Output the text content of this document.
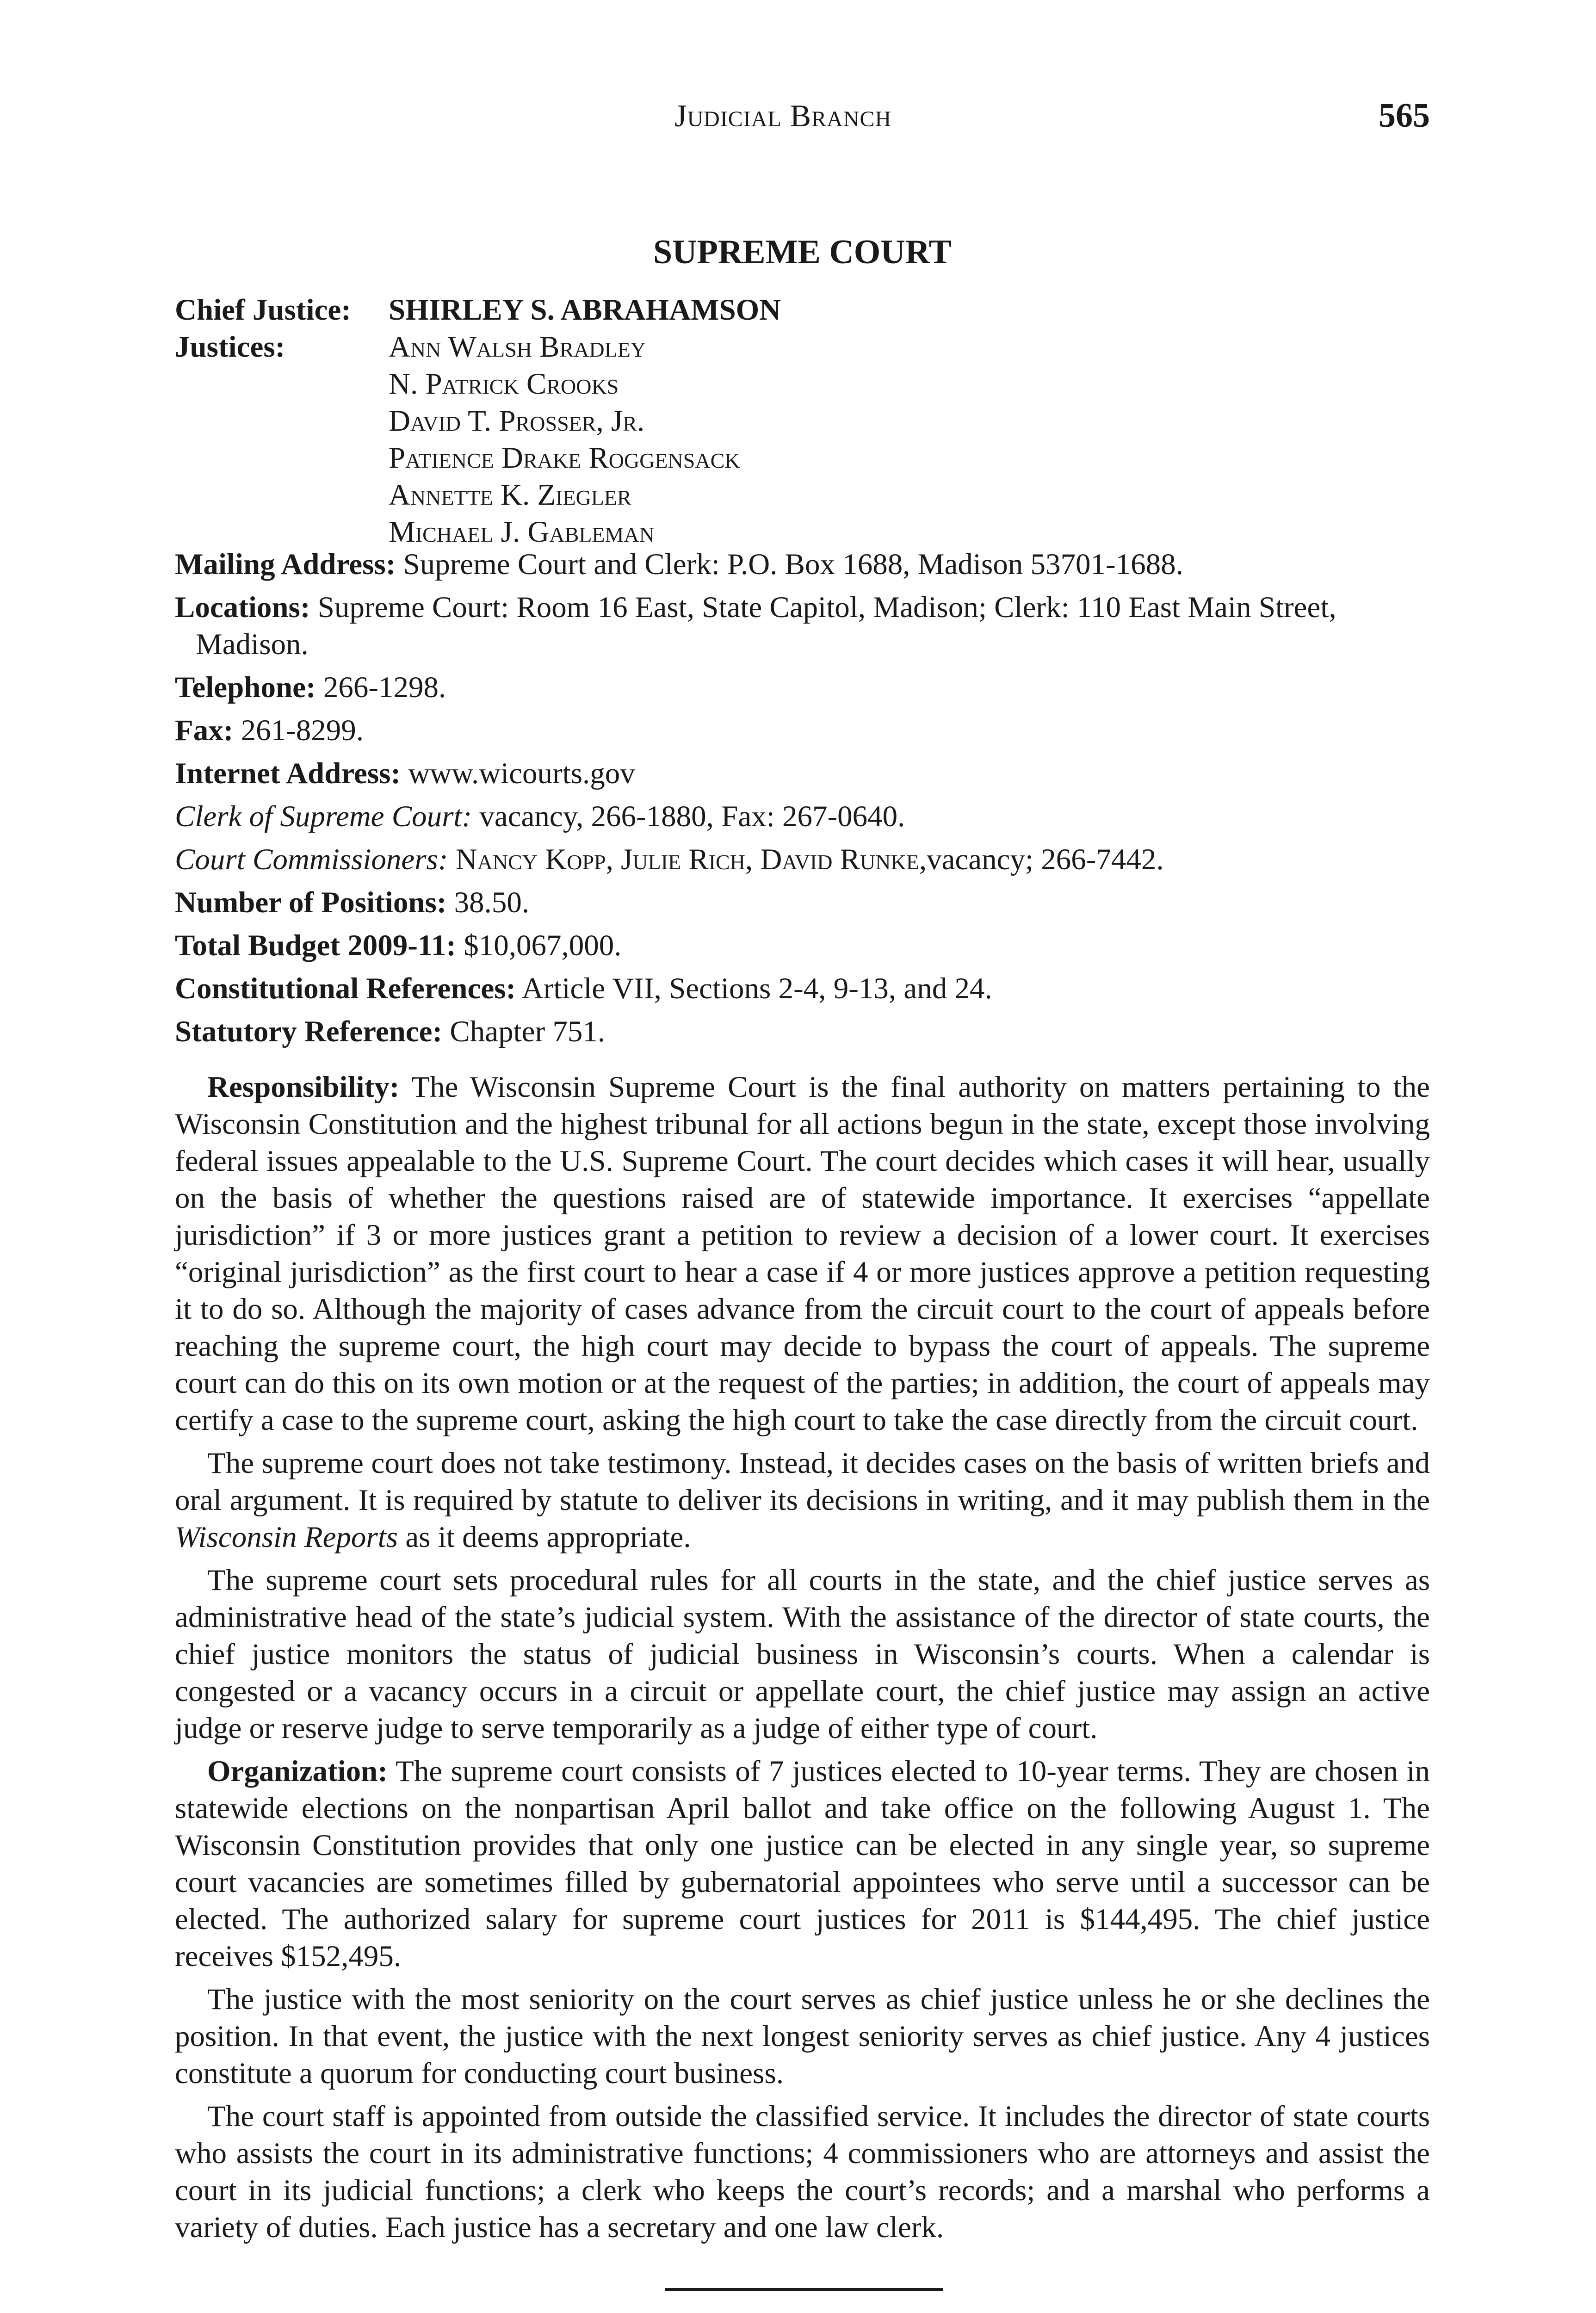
Judicial Branch	565
SUPREME COURT
Chief Justice: SHIRLEY S. ABRAHAMSON
Justices:	Ann Walsh Bradley
N. Patrick Crooks
David T. Prosser, Jr.
Patience Drake Roggensack
Annette K. Ziegler
Michael J. Gableman

Mailing Address: Supreme Court and Clerk: P.O. Box 1688, Madison 53701-1688.

Locations: Supreme Court: Room 16 East, State Capitol, Madison; Clerk: 110 East Main Street, Madison.

Telephone: 266-1298.

Fax: 261-8299.

Internet Address: www.wicourts.gov

Clerk of Supreme Court: vacancy, 266-1880, Fax: 267-0640.

Court Commissioners: Nancy Kopp, Julie Rich, David Runke,vacancy; 266-7442.

Number of Positions: 38.50.

Total Budget 2009-11: $10,067,000.

Constitutional References: Article VII, Sections 2-4, 9-13, and 24.

Statutory Reference: Chapter 751.

Responsibility: The Wisconsin Supreme Court is the final authority on matters pertaining to the Wisconsin Constitution and the highest tribunal for all actions begun in the state, except those involving federal issues appealable to the U.S. Supreme Court. The court decides which cases it will hear, usually on the basis of whether the questions raised are of statewide importance. It exercises “appellate jurisdiction” if 3 or more justices grant a petition to review a decision of a lower court. It exercises “original jurisdiction” as the first court to hear a case if 4 or more justices approve a petition requesting it to do so. Although the majority of cases advance from the circuit court to the court of appeals before reaching the supreme court, the high court may decide to bypass the court of appeals. The supreme court can do this on its own motion or at the request of the parties; in addition, the court of appeals may certify a case to the supreme court, asking the high court to take the case directly from the circuit court.

The supreme court does not take testimony. Instead, it decides cases on the basis of written briefs and oral argument. It is required by statute to deliver its decisions in writing, and it may publish them in the Wisconsin Reports as it deems appropriate.

The supreme court sets procedural rules for all courts in the state, and the chief justice serves as administrative head of the state’s judicial system. With the assistance of the director of state courts, the chief justice monitors the status of judicial business in Wisconsin’s courts. When a calendar is congested or a vacancy occurs in a circuit or appellate court, the chief justice may assign an active judge or reserve judge to serve temporarily as a judge of either type of court.

Organization: The supreme court consists of 7 justices elected to 10-year terms. They are chosen in statewide elections on the nonpartisan April ballot and take office on the following August 1. The Wisconsin Constitution provides that only one justice can be elected in any single year, so supreme court vacancies are sometimes filled by gubernatorial appointees who serve until a successor can be elected. The authorized salary for supreme court justices for 2011 is $144,495. The chief justice receives $152,495.

The justice with the most seniority on the court serves as chief justice unless he or she declines the position. In that event, the justice with the next longest seniority serves as chief justice. Any 4 justices constitute a quorum for conducting court business.

The court staff is appointed from outside the classified service. It includes the director of state courts who assists the court in its administrative functions; 4 commissioners who are attorneys and assist the court in its judicial functions; a clerk who keeps the court’s records; and a marshal who performs a variety of duties. Each justice has a secretary and one law clerk.
